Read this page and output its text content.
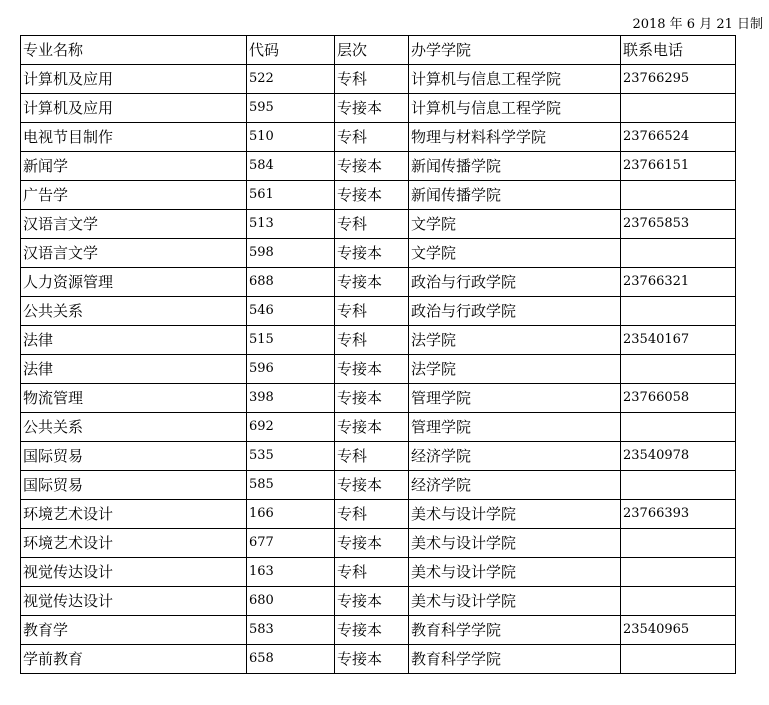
2018 年 6 月 21 日制
专业名称	代码	层次	办学学院	联系电话
计算机及应用	522	专科	计算机与信息工程学院	23766295
计算机及应用	595	专接本	计算机与信息工程学院	
电视节目制作	510	专科	物理与材料科学学院	23766524
新闻学	584	专接本	新闻传播学院	23766151
广告学	561	专接本	新闻传播学院	
汉语言文学	513	专科	文学院	23765853
汉语言文学	598	专接本	文学院	
人力资源管理	688	专接本	政治与行政学院	23766321
公共关系	546	专科	政治与行政学院	
法律	515	专科	法学院	23540167
法律	596	专接本	法学院	
物流管理	398	专接本	管理学院	23766058
公共关系	692	专接本	管理学院	
国际贸易	535	专科	经济学院	23540978
国际贸易	585	专接本	经济学院	
环境艺术设计	166	专科	美术与设计学院	23766393
环境艺术设计	677	专接本	美术与设计学院	
视觉传达设计	163	专科	美术与设计学院	
视觉传达设计	680	专接本	美术与设计学院	
教育学	583	专接本	教育科学学院	23540965
学前教育	658	专接本	教育科学学院	
